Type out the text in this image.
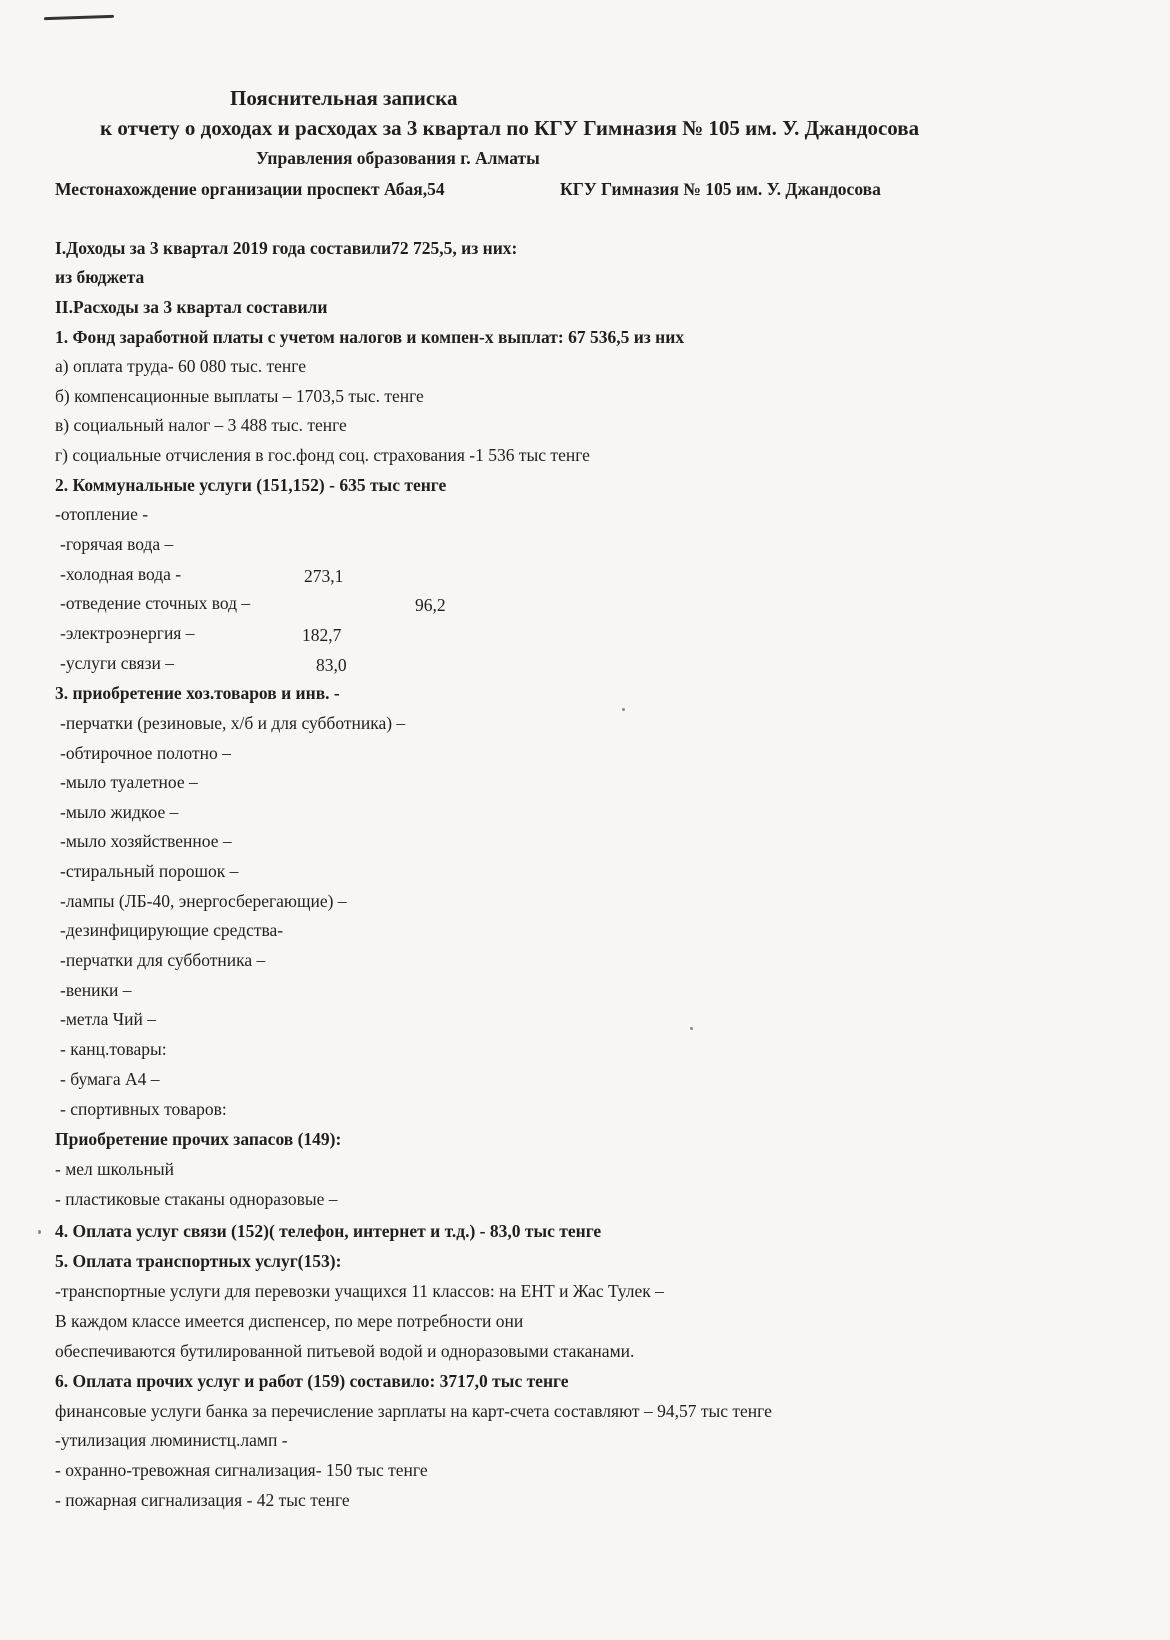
Пояснительная записка
к отчету о доходах и расходах за 3 квартал по КГУ Гимназия № 105 им. У. Джандосова
Управления образования г. Алматы
Местонахождение организации проспект Абая,54	КГУ Гимназия № 105 им. У. Джандосова
I.Доходы за 3 квартал 2019 года составили72 725,5, из них:
из бюджета
II.Расходы за 3 квартал составили
1. Фонд заработной платы с учетом налогов и компен-х выплат: 67 536,5 из них
а) оплата труда- 60 080 тыс. тенге
б) компенсационные выплаты – 1703,5 тыс. тенге
в) социальный налог – 3 488 тыс. тенге
г) социальные отчисления в гос.фонд соц. страхования -1 536 тыс тенге
2. Коммунальные услуги (151,152) - 635 тыс тенге
-отопление -
-горячая вода –
-холодная вода -	273,1
-отведение сточных вод –	96,2
-электроэнергия –	182,7
-услуги связи –	83,0
3. приобретение хоз.товаров и инв. -
-перчатки (резиновые, х/б и для субботника) –
-обтирочное полотно –
-мыло туалетное –
-мыло жидкое –
-мыло хозяйственное –
-стиральный порошок –
-лампы (ЛБ-40, энергосберегающие) –
-дезинфицирующие средства-
-перчатки для субботника –
-веники –
-метла Чий –
- канц.товары:
- бумага А4 –
- спортивных товаров:
Приобретение прочих запасов (149):
- мел школьный
- пластиковые стаканы одноразовые –
4. Оплата услуг связи (152)( телефон, интернет и т.д.) - 83,0 тыс тенге
5. Оплата транспортных услуг(153):
-транспортные услуги для перевозки учащихся 11 классов: на ЕНТ и Жас Тулек –
В каждом классе имеется диспенсер, по мере потребности они
обеспечиваются бутилированной питьевой водой и одноразовыми стаканами.
6. Оплата прочих услуг и работ (159) составило: 3717,0 тыс тенге
финансовые услуги банка за перечисление зарплаты на карт-счета составляют – 94,57 тыс тенге
-утилизация люминистц.ламп -
- охранно-тревожная сигнализация- 150 тыс тенге
- пожарная сигнализация - 42 тыс тенге
